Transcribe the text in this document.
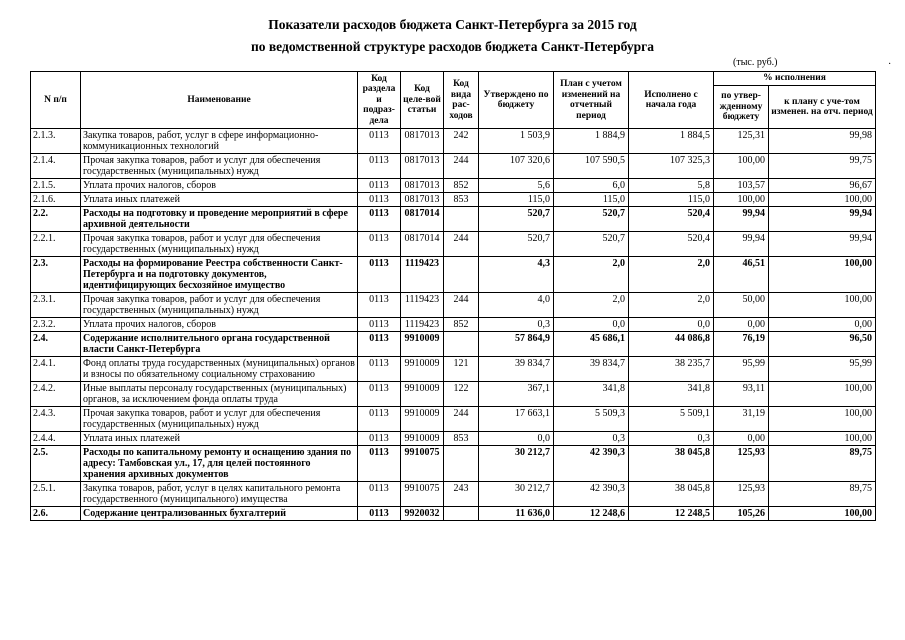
Показатели расходов бюджета Санкт-Петербурга за 2015 год
по ведомственной структуре расходов бюджета Санкт-Петербурга
(тыс. руб.)	·
N п/п	Наименование	Код раздела и подраз-дела	Код целе-вой статьи	Код вида рас-ходов	Утверждено по бюджету	План с учетом изменений на отчетный период	Исполнено с начала года	% исполнения	
								по утвер-жденному бюджету	к плану с уче-том изменен. на отч. период
2.1.3.	Закупка товаров, работ, услуг в сфере информационно-коммуникационных технологий	0113	0817013	242	1 503,9	1 884,9	1 884,5	125,31	99,98
2.1.4.	Прочая закупка товаров, работ и услуг для обеспечения государственных (муниципальных) нужд	0113	0817013	244	107 320,6	107 590,5	107 325,3	100,00	99,75
2.1.5.	Уплата прочих налогов, сборов	0113	0817013	852	5,6	6,0	5,8	103,57	96,67
2.1.6.	Уплата иных платежей	0113	0817013	853	115,0	115,0	115,0	100,00	100,00
2.2.	Расходы на подготовку и проведение мероприятий в сфере архивной деятельности	0113	0817014		520,7	520,7	520,4	99,94	99,94
2.2.1.	Прочая закупка товаров, работ и услуг для обеспечения государственных (муниципальных) нужд	0113	0817014	244	520,7	520,7	520,4	99,94	99,94
2.3.	Расходы на формирование Реестра собственности Санкт-Петербурга и на подготовку документов, идентифицирующих бесхозяйное имущество	0113	1119423		4,3	2,0	2,0	46,51	100,00
2.3.1.	Прочая закупка товаров, работ и услуг для обеспечения государственных (муниципальных) нужд	0113	1119423	244	4,0	2,0	2,0	50,00	100,00
2.3.2.	Уплата прочих налогов, сборов	0113	1119423	852	0,3	0,0	0,0	0,00	0,00
2.4.	Содержание исполнительного органа государственной власти Санкт-Петербурга	0113	9910009		57 864,9	45 686,1	44 086,8	76,19	96,50
2.4.1.	Фонд оплаты труда государственных (муниципальных) органов и взносы по обязательному социальному страхованию	0113	9910009	121	39 834,7	39 834,7	38 235,7	95,99	95,99
2.4.2.	Иные выплаты персоналу государственных (муниципальных) органов, за исключением фонда оплаты труда	0113	9910009	122	367,1	341,8	341,8	93,11	100,00
2.4.3.	Прочая закупка товаров, работ и услуг для обеспечения государственных (муниципальных) нужд	0113	9910009	244	17 663,1	5 509,3	5 509,1	31,19	100,00
2.4.4.	Уплата иных платежей	0113	9910009	853	0,0	0,3	0,3	0,00	100,00
2.5.	Расходы по капитальному ремонту и оснащению здания по адресу: Тамбовская ул., 17, для целей постоянного хранения архивных документов	0113	9910075		30 212,7	42 390,3	38 045,8	125,93	89,75
2.5.1.	Закупка товаров, работ, услуг в целях капитального ремонта государственного (муниципального) имущества	0113	9910075	243	30 212,7	42 390,3	38 045,8	125,93	89,75
2.6.	Содержание централизованных бухгалтерий	0113	9920032		11 636,0	12 248,6	12 248,5	105,26	100,00
